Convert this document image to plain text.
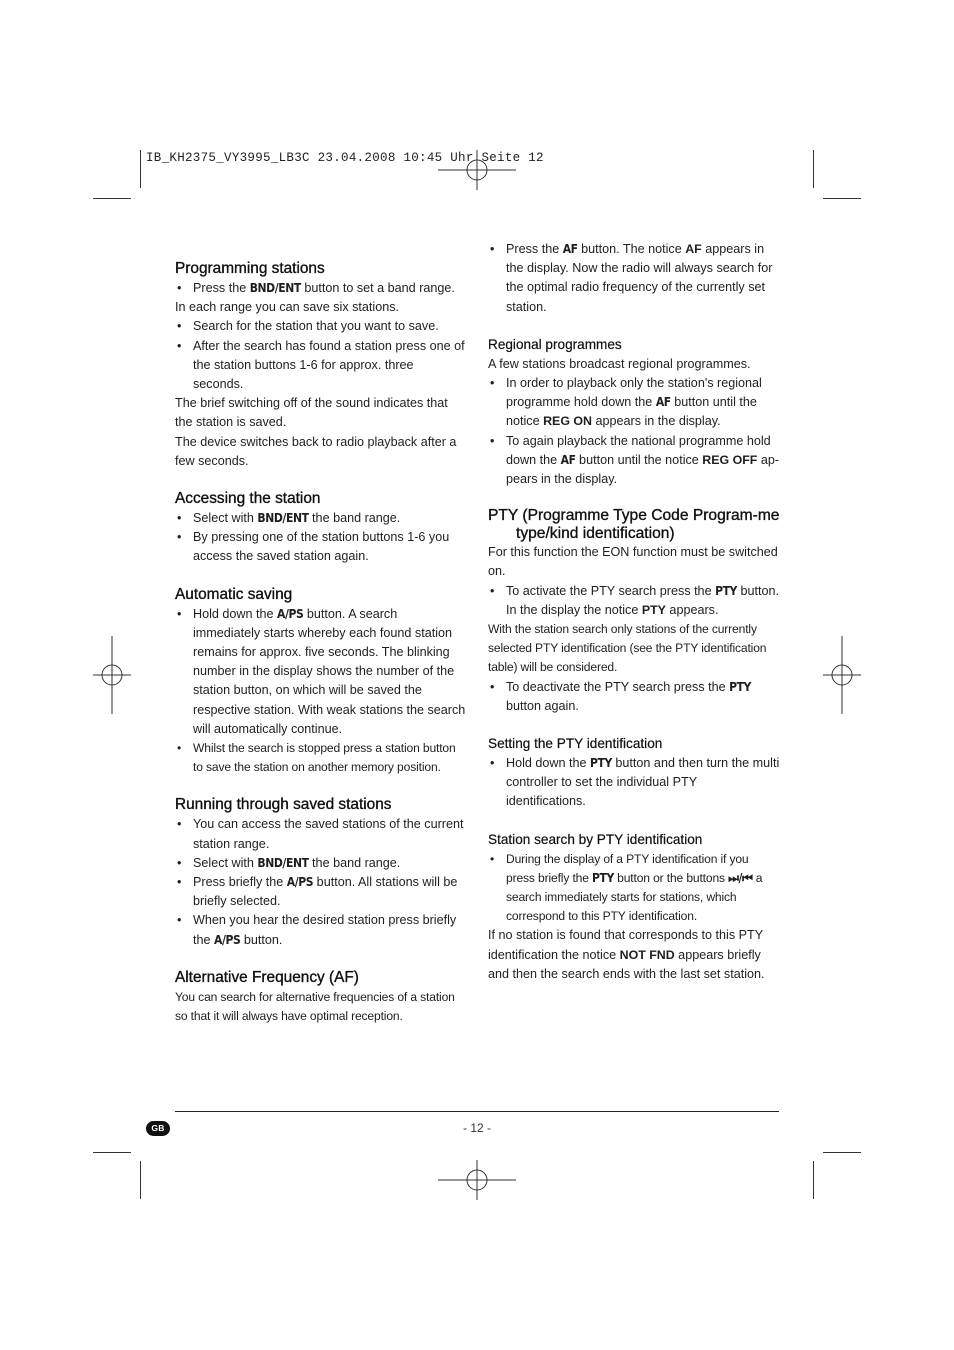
IB_KH2375_VY3995_LB3C 23.04.2008 10:45 Uhr Seite 12
Programming stations
• Press the BND/ENT button to set a band range.

In each range you can save six stations.

• Search for the station that you want to save.
• After the search has found a station press one of the station buttons 1-6 for approx. three seconds.

The brief switching off of the sound indicates that the station is saved.

The device switches back to radio playback after a few seconds.

Accessing the station
• Select with BND/ENT the band range.
• By pressing one of the station buttons 1-6 you access the saved station again.
Automatic saving
• Hold down the A/PS button. A search immediately starts whereby each found station remains for approx. five seconds. The blinking number in the display shows the number of the station button, on which will be saved the respective station. With weak stations the search will automatically continue.
• Whilst the search is stopped press a station button to save the station on another memory position.
Running through saved stations
• You can access the saved stations of the current station range.
• Select with BND/ENT the band range.
• Press briefly the A/PS button. All stations will be briefly selected.
• When you hear the desired station press briefly the A/PS button.
Alternative Frequency (AF)

You can search for alternative frequencies of a station so that it will always have optimal reception.

• Press the AF button. The notice AF appears in the display. Now the radio will always search for the optimal radio frequency of the currently set station.
Regional programmes

A few stations broadcast regional programmes.

• In order to playback only the station's regional programme hold down the AF button until the notice REG ON appears in the display.
• To again playback the national programme hold down the AF button until the notice REG OFF ap-pears in the display.
PTY (Programme Type Code Program-me type/kind identification)

For this function the EON function must be switched on.

• To activate the PTY search press the PTY button. In the display the notice PTY appears.

With the station search only stations of the currently selected PTY identification (see the PTY identification table) will be considered.

• To deactivate the PTY search press the PTY button again.
Setting the PTY identification
• Hold down the PTY button and then turn the multi controller to set the individual PTY identifications.
Station search by PTY identification
• During the display of a PTY identification if you press briefly the PTY button or the buttons ⏭/⏮ a search immediately starts for stations, which correspond to this PTY identification.

If no station is found that corresponds to this PTY identification the notice NOT FND appears briefly and then the search ends with the last set station.

GB	- 12 -
